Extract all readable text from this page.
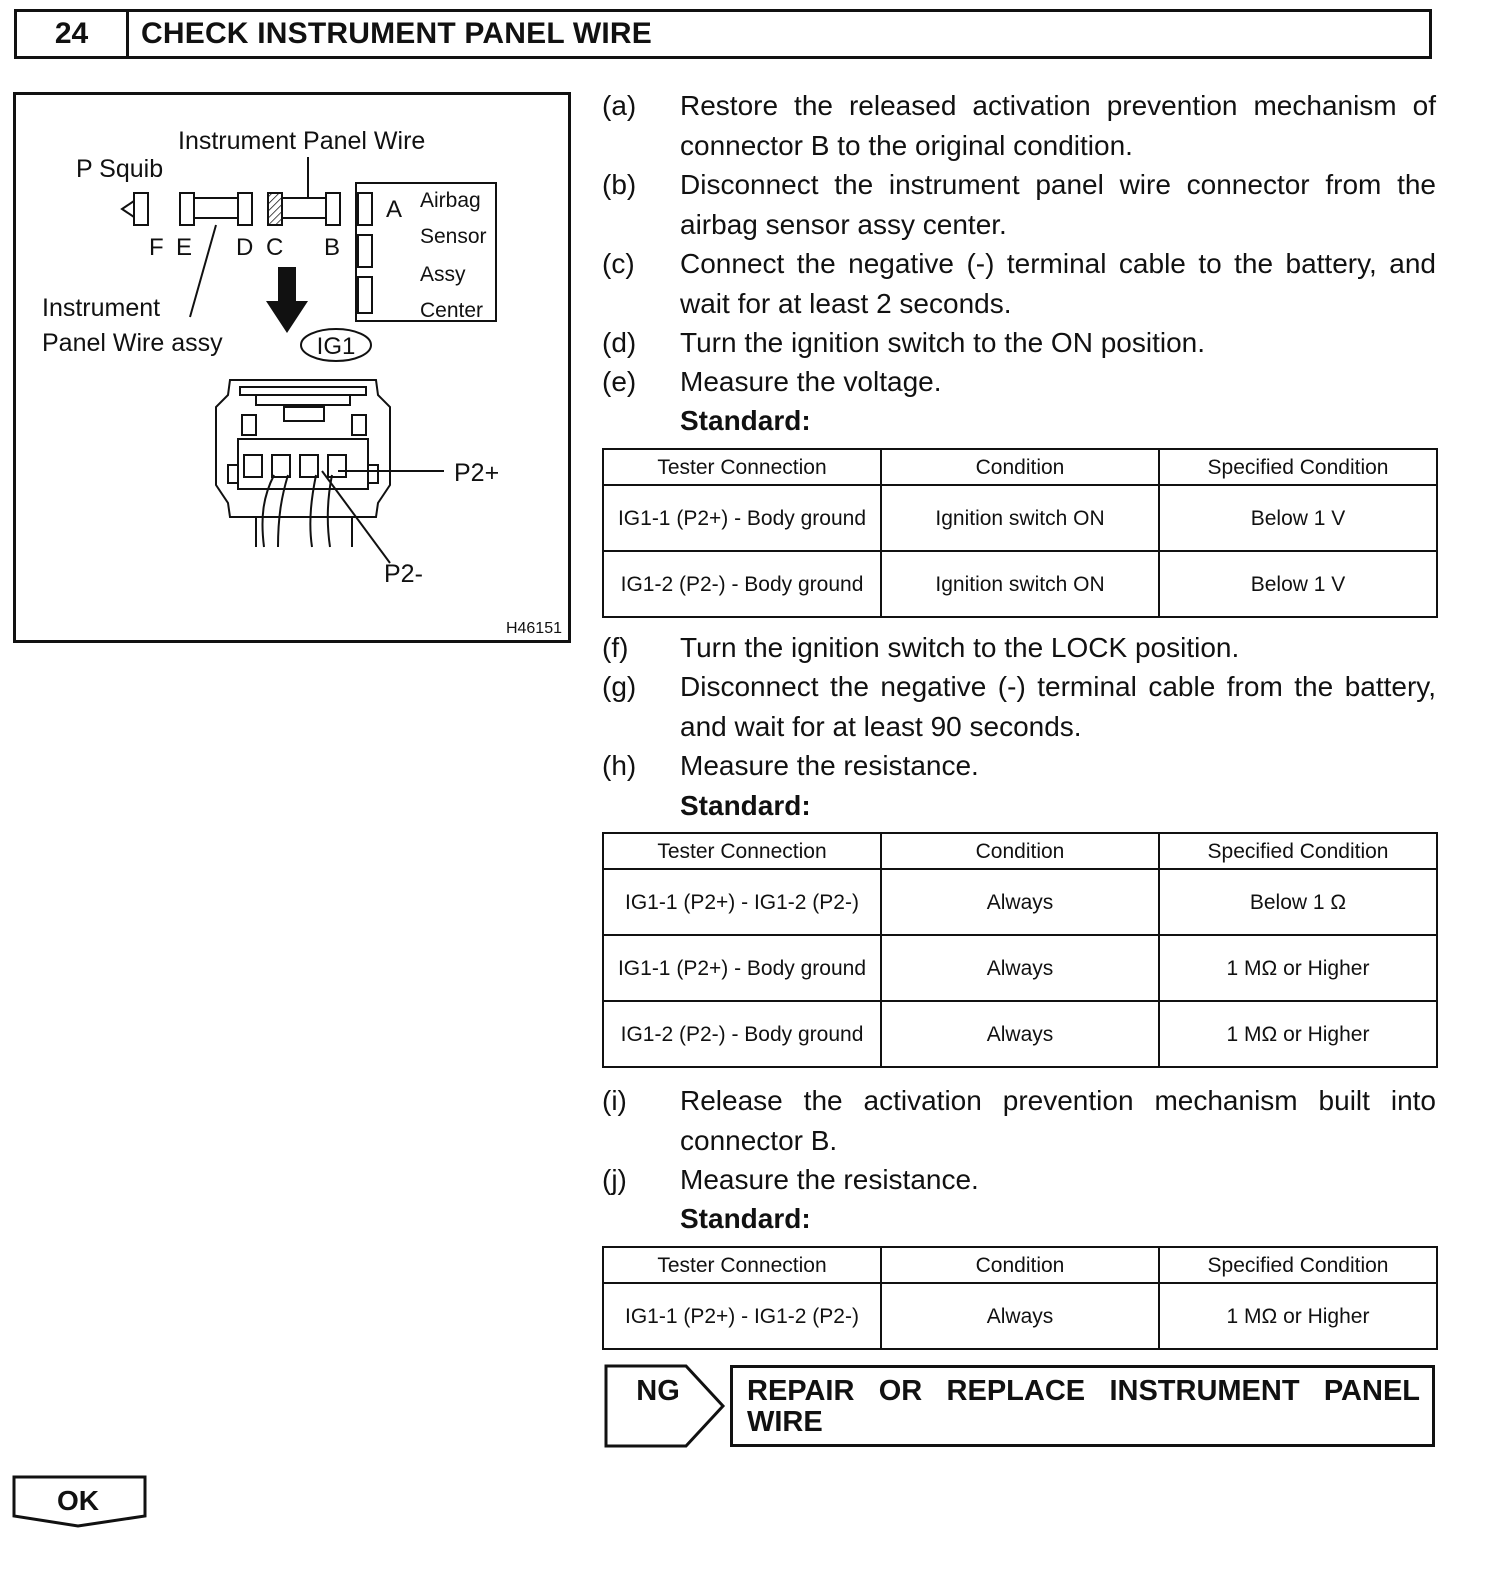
24	CHECK INSTRUMENT PANEL WIRE
Instrument Panel Wire
P Squib
F E D C B
A Airbag
Sensor
Assy
Center
Instrument
Panel Wire assy	IG1
P2+
P2-
H46151
(a) Restore the released activation prevention mechanism of connector B to the original condition.
(b) Disconnect the instrument panel wire connector from the airbag sensor assy center.
(c) Connect the negative (-) terminal cable to the battery, and wait for at least 2 seconds.
(d) Turn the ignition switch to the ON position.
(e) Measure the voltage.
Standard:
Tester Connection	Condition	Specified Condition
IG1-1 (P2+) - Body ground	Ignition switch ON	Below 1 V
IG1-2 (P2-) - Body ground	Ignition switch ON	Below 1 V
(f) Turn the ignition switch to the LOCK position.
(g) Disconnect the negative (-) terminal cable from the battery, and wait for at least 90 seconds.
(h) Measure the resistance.
Standard:
Tester Connection	Condition	Specified Condition
IG1-1 (P2+) - IG1-2 (P2-)	Always	Below 1 Ω
IG1-1 (P2+) - Body ground	Always	1 MΩ or Higher
IG1-2 (P2-) - Body ground	Always	1 MΩ or Higher
(i) Release the activation prevention mechanism built into connector B.
(j) Measure the resistance.
Standard:
Tester Connection	Condition	Specified Condition
IG1-1 (P2+) - IG1-2 (P2-)	Always	1 MΩ or Higher
NG	REPAIR OR REPLACE INSTRUMENT PANEL WIRE
OK
